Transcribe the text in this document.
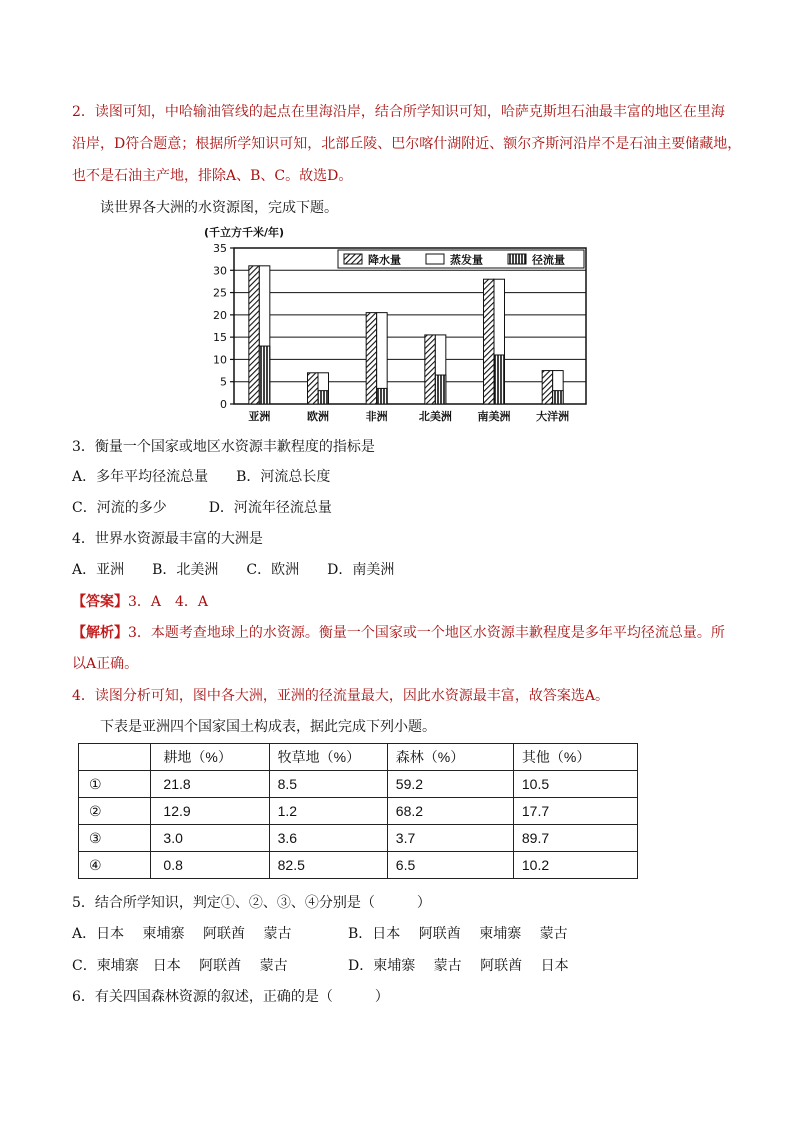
2．读图可知，中哈输油管线的起点在里海沿岸，结合所学知识可知，哈萨克斯坦石油最丰富的地区在里海

沿岸，D符合题意；根据所学知识可知，北部丘陵、巴尔喀什湖附近、额尔齐斯河沿岸不是石油主要储藏地，

也不是石油主产地，排除A、B、C。故选D。

读世界各大洲的水资源图，完成下题。

(千立方千米/年)
0
5
10
15
20
25
30
35
亚洲	欧洲	非洲	北美洲 南美洲 大洋洲
降水量	蒸发量	径流量

3．衡量一个国家或地区水资源丰歉程度的指标是

A．多年平均径流总量　　B．河流总长度

C．河流的多少　　　D．河流年径流总量

4．世界水资源最丰富的大洲是

A．亚洲　　B．北美洲　　C．欧洲　　D．南美洲

【答案】3．A　4．A

【解析】3．本题考查地球上的水资源。衡量一个国家或一个地区水资源丰歉程度是多年平均径流总量。所

以A正确。

4．读图分析可知，图中各大洲，亚洲的径流量最大，因此水资源最丰富，故答案选A。

下表是亚洲四个国家国土构成表，据此完成下列小题。

	耕地（%）	牧草地（%）	森林（%）	其他（%）
①	21.8	8.5	59.2	10.5
②	12.9	1.2	68.2	17.7
③	3.0	3.6	3.7	89.7
④	0.8	82.5	6.5	10.2

5．结合所学知识，判定①、②、③、④分别是（　　　）

A．日本　 柬埔寨　 阿联酋　 蒙古	B．日本　 阿联酋　 柬埔寨　 蒙古

C．柬埔寨　日本　 阿联酋　 蒙古	D．柬埔寨　 蒙古　 阿联酋　 日本

6．有关四国森林资源的叙述，正确的是（　　　）
